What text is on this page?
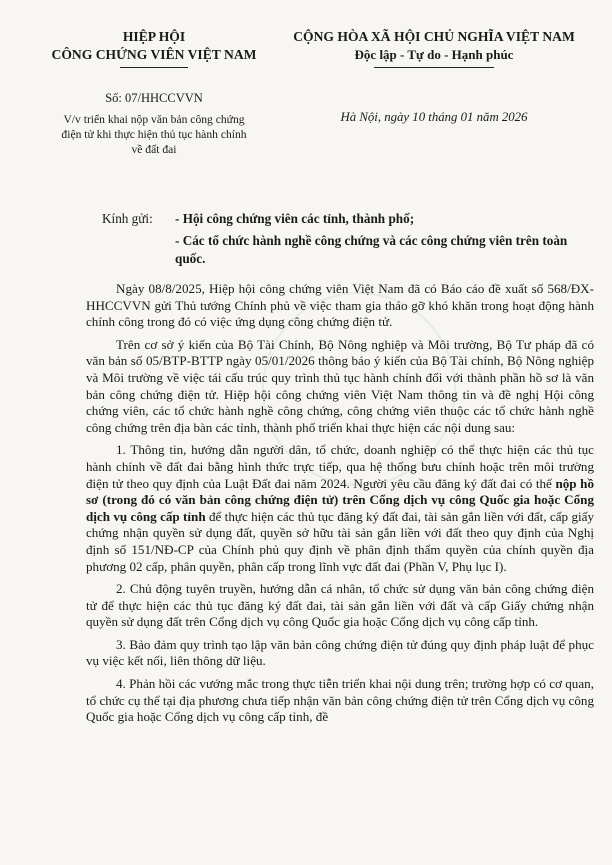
HIỆP HỘI
CÔNG CHỨNG VIÊN VIỆT NAM
CỘNG HÒA XÃ HỘI CHỦ NGHĨA VIỆT NAM
Độc lập - Tự do - Hạnh phúc
Số: 07/HHCCVVN
V/v triển khai nộp văn bản công chứng
điện tử khi thực hiện thủ tục hành chính
về đất đai
Hà Nội, ngày 10 tháng 01 năm 2026
Kính gửi: - Hội công chứng viên các tỉnh, thành phố;
- Các tổ chức hành nghề công chứng và các công chứng viên trên toàn quốc.

Ngày 08/8/2025, Hiệp hội công chứng viên Việt Nam đã có Báo cáo đề xuất số 568/ĐX-HHCCVVN gửi Thủ tướng Chính phủ về việc tham gia tháo gỡ khó khăn trong hoạt động hành chính công trong đó có việc ứng dụng công chứng điện tử.

Trên cơ sở ý kiến của Bộ Tài Chính, Bộ Nông nghiệp và Môi trường, Bộ Tư pháp đã có văn bản số 05/BTP-BTTP ngày 05/01/2026 thông báo ý kiến của Bộ Tài chính, Bộ Nông nghiệp và Môi trường về việc tái cấu trúc quy trình thủ tục hành chính đối với thành phần hồ sơ là văn bản công chứng điện tử. Hiệp hội công chứng viên Việt Nam thông tin và đề nghị Hội công chứng viên, các tổ chức hành nghề công chứng, công chứng viên thuộc các tổ chức hành nghề công chứng trên địa bàn các tỉnh, thành phố triển khai thực hiện các nội dung sau:

1. Thông tin, hướng dẫn người dân, tổ chức, doanh nghiệp có thể thực hiện các thủ tục hành chính về đất đai bằng hình thức trực tiếp, qua hệ thống bưu chính hoặc trên môi trường điện tử theo quy định của Luật Đất đai năm 2024. Người yêu cầu đăng ký đất đai có thể nộp hồ sơ (trong đó có văn bản công chứng điện tử) trên Cổng dịch vụ công Quốc gia hoặc Cổng dịch vụ công cấp tỉnh để thực hiện các thủ tục đăng ký đất đai, tài sản gắn liền với đất, cấp giấy chứng nhận quyền sử dụng đất, quyền sở hữu tài sản gắn liền với đất theo quy định của Nghị định số 151/NĐ-CP của Chính phủ quy định về phân định thẩm quyền của chính quyền địa phương 02 cấp, phân quyền, phân cấp trong lĩnh vực đất đai (Phần V, Phụ lục I).

2. Chủ động tuyên truyền, hướng dẫn cá nhân, tổ chức sử dụng văn bản công chứng điện tử để thực hiện các thủ tục đăng ký đất đai, tài sản gắn liền với đất và cấp Giấy chứng nhận quyền sử dụng đất trên Cổng dịch vụ công Quốc gia hoặc Cổng dịch vụ công cấp tỉnh.

3. Bảo đảm quy trình tạo lập văn bản công chứng điện tử đúng quy định pháp luật để phục vụ việc kết nối, liên thông dữ liệu.

4. Phản hồi các vướng mắc trong thực tiễn triển khai nội dung trên; trường hợp có cơ quan, tổ chức cụ thể tại địa phương chưa tiếp nhận văn bản công chứng điện tử trên Cổng dịch vụ công Quốc gia hoặc Cổng dịch vụ công cấp tỉnh, đề
